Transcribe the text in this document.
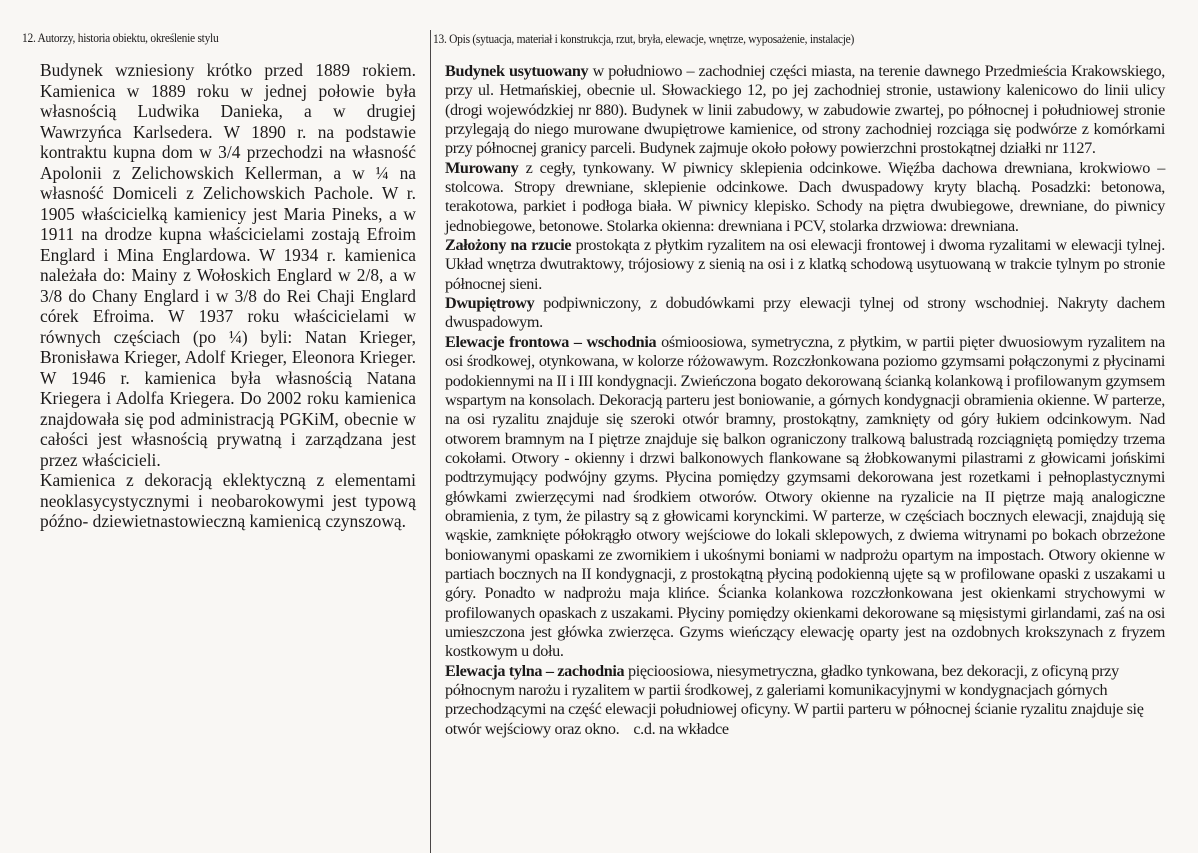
12. Autorzy, historia obiektu, określenie stylu	13. Opis (sytuacja, materiał i konstrukcja, rzut, bryła, elewacje, wnętrze, wyposażenie, instalacje)

Budynek wzniesiony krótko przed 1889 rokiem. Kamienica w 1889 roku w jednej połowie była własnością Ludwika Danieka, a w drugiej Wawrzyńca Karlsedera. W 1890 r. na podstawie kontraktu kupna dom w 3/4 przechodzi na własność Apolonii z Zelichowskich Kellerman, a w ¼ na własność Domiceli z Zelichowskich Pachole. W r. 1905 właścicielką kamienicy jest Maria Pineks, a w 1911 na drodze kupna właścicielami zostają Efroim Englard i Mina Englardowa. W 1934 r. kamienica należała do: Mainy z Wołoskich Englard w 2/8, a w 3/8 do Chany Englard i w 3/8 do Rei Chaji Englard córek Efroima. W 1937 roku właścicielami w równych częściach (po ¼) byli: Natan Krieger, Bronisława Krieger, Adolf Krieger, Eleonora Krieger. W 1946 r. kamienica była własnością Natana Kriegera i Adolfa Kriegera. Do 2002 roku kamienica znajdowała się pod administracją PGKiM, obecnie w całości jest własnością prywatną i zarządzana jest przez właścicieli.

Kamienica z dekoracją eklektyczną z elementami neoklasycystycznymi i neobarokowymi jest typową późno- dziewietnastowieczną kamienicą czynszową.

Budynek usytuowany w południowo – zachodniej części miasta, na terenie dawnego Przedmieścia Krakowskiego, przy ul. Hetmańskiej, obecnie ul. Słowackiego 12, po jej zachodniej stronie, ustawiony kalenicowo do linii ulicy (drogi wojewódzkiej nr 880). Budynek w linii zabudowy, w zabudowie zwartej, po północnej i południowej stronie przylegają do niego murowane dwupiętrowe kamienice, od strony zachodniej rozciąga się podwórze z komórkami przy północnej granicy parceli. Budynek zajmuje około połowy powierzchni prostokątnej działki nr 1127.

Murowany z cegły, tynkowany. W piwnicy sklepienia odcinkowe. Więźba dachowa drewniana, krokwiowo – stolcowa. Stropy drewniane, sklepienie odcinkowe. Dach dwuspadowy kryty blachą. Posadzki: betonowa, terakotowa, parkiet i podłoga biała. W piwnicy klepisko. Schody na piętra dwubiegowe, drewniane, do piwnicy jednobiegowe, betonowe. Stolarka okienna: drewniana i PCV, stolarka drzwiowa: drewniana.

Założony na rzucie prostokąta z płytkim ryzalitem na osi elewacji frontowej i dwoma ryzalitami w elewacji tylnej. Układ wnętrza dwutraktowy, trójosiowy z sienią na osi i z klatką schodową usytuowaną w trakcie tylnym po stronie północnej sieni.

Dwupiętrowy podpiwniczony, z dobudówkami przy elewacji tylnej od strony wschodniej. Nakryty dachem dwuspadowym.

Elewacje frontowa – wschodnia ośmioosiowa, symetryczna, z płytkim, w partii pięter dwuosiowym ryzalitem na osi środkowej, otynkowana, w kolorze różowawym. Rozczłonkowana poziomo gzymsami połączonymi z płycinami podokiennymi na II i III kondygnacji. Zwieńczona bogato dekorowaną ścianką kolankową i profilowanym gzymsem wspartym na konsolach. Dekoracją parteru jest boniowanie, a górnych kondygnacji obramienia okienne. W parterze, na osi ryzalitu znajduje się szeroki otwór bramny, prostokątny, zamknięty od góry łukiem odcinkowym. Nad otworem bramnym na I piętrze znajduje się balkon ograniczony tralkową balustradą rozciągniętą pomiędzy trzema cokołami. Otwory - okienny i drzwi balkonowych flankowane są żłobkowanymi pilastrami z głowicami jońskimi podtrzymujący podwójny gzyms. Płycina pomiędzy gzymsami dekorowana jest rozetkami i pełnoplastycznymi główkami zwierzęcymi nad środkiem otworów. Otwory okienne na ryzalicie na II piętrze mają analogiczne obramienia, z tym, że pilastry są z głowicami korynckimi. W parterze, w częściach bocznych elewacji, znajdują się wąskie, zamknięte półokrągło otwory wejściowe do lokali sklepowych, z dwiema witrynami po bokach obrzeżone boniowanymi opaskami ze zwornikiem i ukośnymi boniami w nadprożu opartym na impostach. Otwory okienne w partiach bocznych na II kondygnacji, z prostokątną płyciną podokienną ujęte są w profilowane opaski z uszakami u góry. Ponadto w nadprożu maja klińce. Ścianka kolankowa rozczłonkowana jest okienkami strychowymi w profilowanych opaskach z uszakami. Płyciny pomiędzy okienkami dekorowane są mięsistymi girlandami, zaś na osi umieszczona jest główka zwierzęca. Gzyms wieńczący elewację oparty jest na ozdobnych krokszynach z fryzem kostkowym u dołu.

Elewacja tylna – zachodnia pięcioosiowa, niesymetryczna, gładko tynkowana, bez dekoracji, z oficyną przy północnym narożu i ryzalitem w partii środkowej, z galeriami komunikacyjnymi w kondygnacjach górnych przechodzącymi na część elewacji południowej oficyny. W partii parteru w północnej ścianie ryzalitu znajduje się otwór wejściowy oraz okno. c.d. na wkładce
